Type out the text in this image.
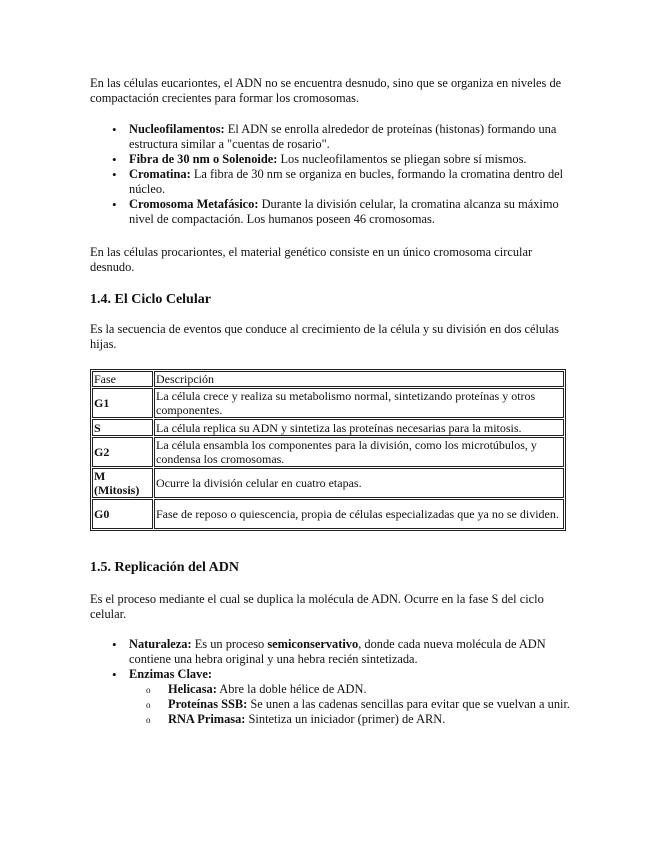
En las células eucariontes, el ADN no se encuentra desnudo, sino que se organiza en niveles de compactación crecientes para formar los cromosomas.

• Nucleofilamentos: El ADN se enrolla alrededor de proteínas (histonas) formando una estructura similar a "cuentas de rosario".
• Fibra de 30 nm o Solenoide: Los nucleofilamentos se pliegan sobre sí mismos.
• Cromatina: La fibra de 30 nm se organiza en bucles, formando la cromatina dentro del núcleo.
• Cromosoma Metafásico: Durante la división celular, la cromatina alcanza su máximo nivel de compactación. Los humanos poseen 46 cromosomas.

En las células procariontes, el material genético consiste en un único cromosoma circular desnudo.

1.4. El Ciclo Celular

Es la secuencia de eventos que conduce al crecimiento de la célula y su división en dos células hijas.

Fase	Descripción
G1	La célula crece y realiza su metabolismo normal, sintetizando proteínas y otros componentes.
S	La célula replica su ADN y sintetiza las proteínas necesarias para la mitosis.
G2	La célula ensambla los componentes para la división, como los microtúbulos, y condensa los cromosomas.
M (Mitosis)	Ocurre la división celular en cuatro etapas.
G0	Fase de reposo o quiescencia, propia de células especializadas que ya no se dividen.
1.5. Replicación del ADN

Es el proceso mediante el cual se duplica la molécula de ADN. Ocurre en la fase S del ciclo celular.

• Naturaleza: Es un proceso semiconservativo, donde cada nueva molécula de ADN contiene una hebra original y una hebra recién sintetizada.
• Enzimas Clave:
o Helicasa: Abre la doble hélice de ADN.
o Proteínas SSB: Se unen a las cadenas sencillas para evitar que se vuelvan a unir.
o RNA Primasa: Sintetiza un iniciador (primer) de ARN.
